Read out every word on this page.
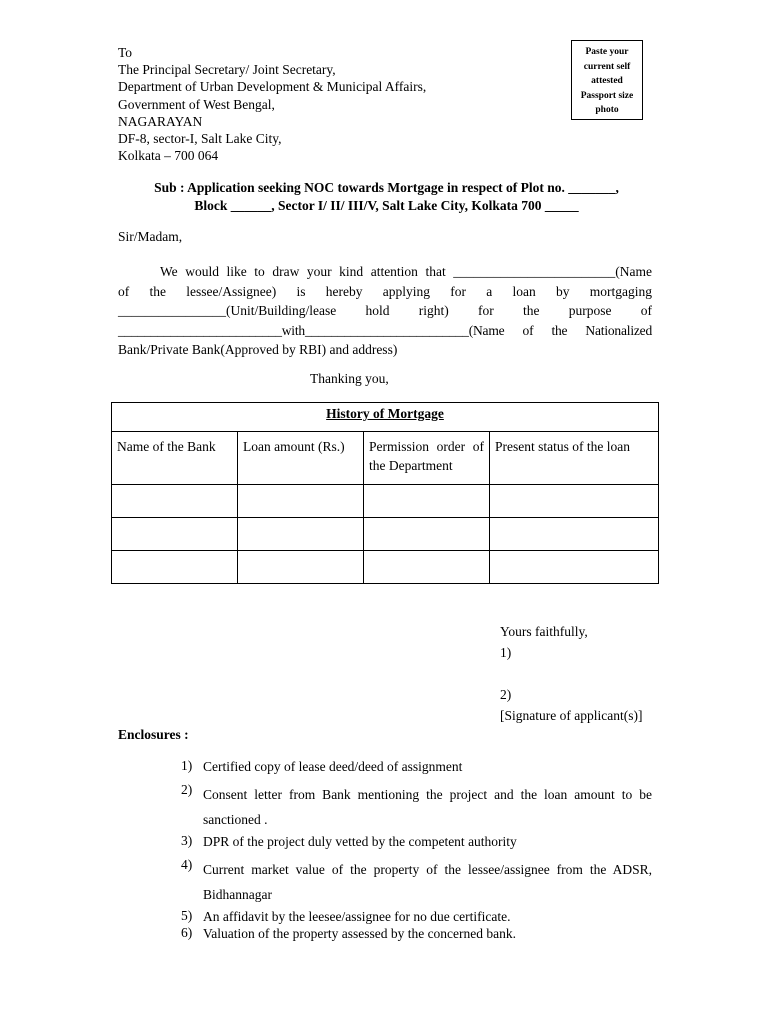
To
The Principal Secretary/ Joint Secretary,
Department of Urban Development & Municipal Affairs,
Government of West Bengal,
NAGARAYAN
DF-8, sector-I, Salt Lake City,
Kolkata – 700 064
Paste your
current self
attested
Passport size
photo
Sub : Application seeking NOC towards Mortgage in respect of Plot no. _______,
Block ______, Sector I/ II/ III/V, Salt Lake City, Kolkata 700 _____
Sir/Madam,
We would like to draw your kind attention that ________________________(Name
of the lessee/Assignee) is hereby applying for a loan by mortgaging
________________(Unit/Building/lease hold right) for the purpose of
_________________________with_________________________(Name of the Nationalized
Bank/Private Bank(Approved by RBI) and address)
Thanking you,
History of Mortgage			
Name of the Bank	Loan amount (Rs.)	Permission order of the Department	Present status of the loan

Yours faithfully,
1)
2)
[Signature of applicant(s)]
Enclosures :
1) Certified copy of lease deed/deed of assignment
2) Consent letter from Bank mentioning the project and the loan amount to be sanctioned .
3) DPR of the project duly vetted by the competent authority
4) Current market value of the property of the lessee/assignee from the ADSR, Bidhannagar
5) An affidavit by the leesee/assignee for no due certificate.
6) Valuation of the property assessed by the concerned bank.
